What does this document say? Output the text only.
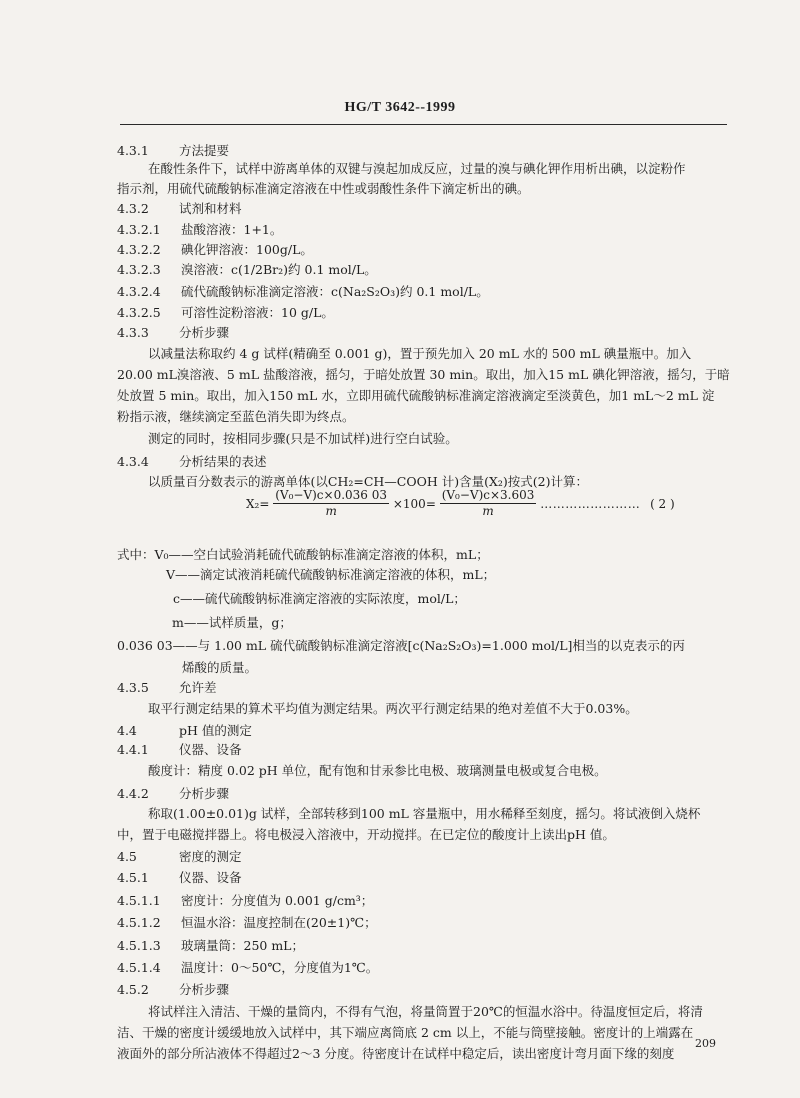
HG/T 3642--1999
4.3.1 方法提要
在酸性条件下，试样中游离单体的双键与溴起加成反应，过量的溴与碘化钾作用析出碘，以淀粉作
指示剂，用硫代硫酸钠标准滴定溶液在中性或弱酸性条件下滴定析出的碘。
4.3.2 试剂和材料
4.3.2.1 盐酸溶液：1+1。
4.3.2.2 碘化钾溶液：100g/L。
4.3.2.3 溴溶液：c(1/2Br₂)约 0.1 mol/L。
4.3.2.4 硫代硫酸钠标准滴定溶液：c(Na₂S₂O₃)约 0.1 mol/L。
4.3.2.5 可溶性淀粉溶液：10 g/L。
4.3.3 分析步骤
以减量法称取约 4 g 试样(精确至 0.001 g)，置于预先加入 20 mL 水的 500 mL 碘量瓶中。加入
20.00 mL溴溶液、5 mL 盐酸溶液，摇匀，于暗处放置 30 min。取出，加入15 mL 碘化钾溶液，摇匀，于暗
处放置 5 min。取出，加入150 mL 水，立即用硫代硫酸钠标准滴定溶液滴定至淡黄色，加1 mL～2 mL 淀
粉指示液，继续滴定至蓝色消失即为终点。
测定的同时，按相同步骤(只是不加试样)进行空白试验。
4.3.4 分析结果的表述
以质量百分数表示的游离单体(以CH₂=CH—COOH 计)含量(X₂)按式(2)计算：
式中：V₀——空白试验消耗硫代硫酸钠标准滴定溶液的体积，mL；
V——滴定试液消耗硫代硫酸钠标准滴定溶液的体积，mL；
c——硫代硫酸钠标准滴定溶液的实际浓度，mol/L；
m——试样质量，g；
0.036 03——与 1.00 mL 硫代硫酸钠标准滴定溶液[c(Na₂S₂O₃)=1.000 mol/L]相当的以克表示的丙
烯酸的质量。
4.3.5 允许差
取平行测定结果的算术平均值为测定结果。两次平行测定结果的绝对差值不大于0.03%。
4.4	pH 值的测定
4.4.1 仪器、设备
酸度计：精度 0.02 pH 单位，配有饱和甘汞参比电极、玻璃测量电极或复合电极。
4.4.2 分析步骤
称取(1.00±0.01)g 试样，全部转移到100 mL 容量瓶中，用水稀释至刻度，摇匀。将试液倒入烧杯
中，置于电磁搅拌器上。将电极浸入溶液中，开动搅拌。在已定位的酸度计上读出pH 值。
4.5	密度的测定
4.5.1 仪器、设备
4.5.1.1 密度计：分度值为 0.001 g/cm³；
4.5.1.2 恒温水浴：温度控制在(20±1)℃；
4.5.1.3 玻璃量筒：250 mL；
4.5.1.4 温度计：0～50℃，分度值为1℃。
4.5.2 分析步骤
将试样注入清洁、干燥的量筒内，不得有气泡，将量筒置于20℃的恒温水浴中。待温度恒定后，将清
洁、干燥的密度计缓缓地放入试样中，其下端应离筒底 2 cm 以上，不能与筒壁接触。密度计的上端露在
液面外的部分所沾液体不得超过2～3 分度。待密度计在试样中稳定后，读出密度计弯月面下缘的刻度
$X_2= \frac{\text{(V₀−V)c×0.036 03}}{m} \times 100= \frac{\text{(V₀−V)c×3.603}}{m}$ …………………… ( 2 )
209
